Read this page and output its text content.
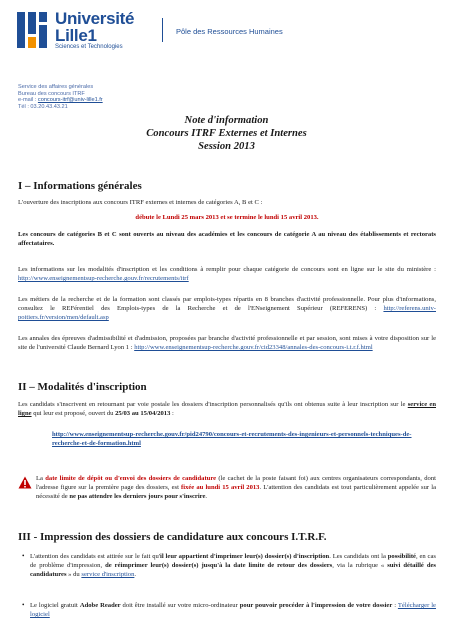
Université
Lille1
Sciences et Technologies
Pôle des Ressources Humaines
Service des affaires générales
Bureau des concours ITRF
e-mail : concours-itrf@univ-lille1.fr
Tél : 03.20.43.43.21
Note d'information
Concours ITRF Externes et Internes
Session 2013
I – Informations générales
L'ouverture des inscriptions aux concours ITRF externes et internes de catégories A, B et C :
débute le Lundi 25 mars 2013 et se termine le lundi 15 avril 2013.
Les concours de catégories B et C sont ouverts au niveau des académies et les concours de catégorie A au niveau des établissements et rectorats affectataires.
Les informations sur les modalités d'inscription et les conditions à remplir pour chaque catégorie de concours sont en ligne sur le site du ministère : http://www.enseignementsup-recherche.gouv.fr/recrutements/itrf
Les métiers de la recherche et de la formation sont classés par emplois-types répartis en 8 branches d'activité professionnelle. Pour plus d'informations, consultez le REFérentiel des Emplois-types de la Recherche et de l'ENseignement Supérieur (REFERENS) : http://referens.univ-poitiers.fr/version/men/default.asp
Les annales des épreuves d'admissibilité et d'admission, proposées par branche d'activité professionnelle et par session, sont mises à votre disposition sur le site de l'université Claude Bernard Lyon 1 : http://www.enseignementsup-recherche.gouv.fr/cid23348/annales-des-concours-i.t.r.f.html
II – Modalités d'inscription
Les candidats s'inscrivent en retournant par voie postale les dossiers d'inscription personnalisés qu'ils ont obtenus suite à leur inscription sur le service en ligne qui leur est proposé, ouvert du 25/03 au 15/04/2013 :
http://www.enseignementsup-recherche.gouv.fr/pid24790/concours-et-recrutements-des-ingenieurs-et-personnels-techniques-de-recherche-et-de-formation.html
La date limite de dépôt ou d'envoi des dossiers de candidature (le cachet de la poste faisant foi) aux centres organisateurs correspondants, dont l'adresse figure sur la première page des dossiers, est fixée au lundi 15 avril 2013. L'attention des candidats est tout particulièrement appelée sur la nécessité de ne pas attendre les derniers jours pour s'inscrire.
III - Impression des dossiers de candidature aux concours I.T.R.F.
• L'attention des candidats est attirée sur le fait qu'il leur appartient d'imprimer leur(s) dossier(s) d'inscription. Les candidats ont la possibilité, en cas de problème d'impression, de réimprimer leur(s) dossier(s) jusqu'à la date limite de retour des dossiers, via la rubrique « suivi détaillé des candidatures » du service d'inscription.
• Le logiciel gratuit Adobe Reader doit être installé sur votre micro-ordinateur pour pouvoir procéder à l'impression de votre dossier : Télécharger le logiciel
